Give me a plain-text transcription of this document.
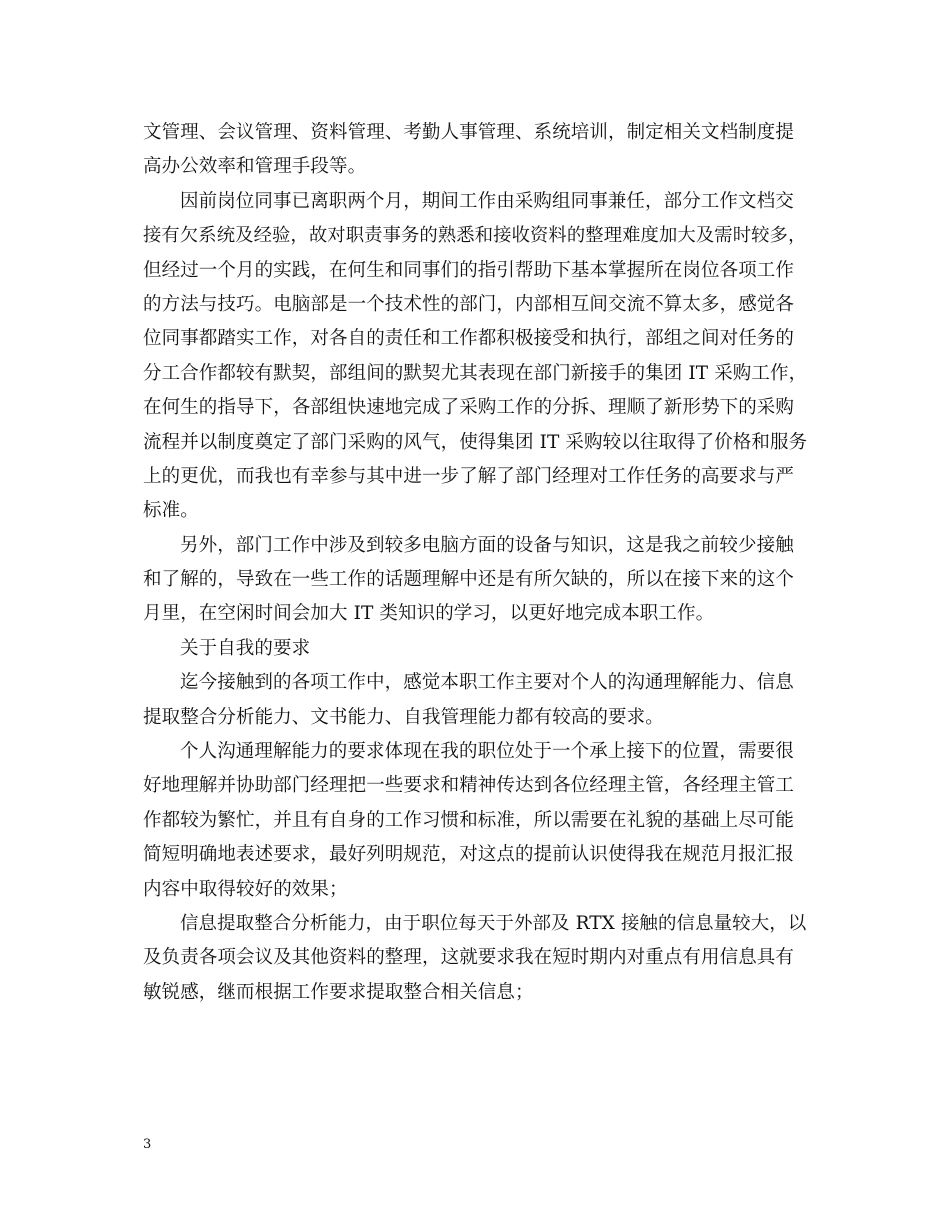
文管理、会议管理、资料管理、考勤人事管理、系统培训，制定相关文档制度提
高办公效率和管理手段等。
因前岗位同事已离职两个月，期间工作由采购组同事兼任，部分工作文档交
接有欠系统及经验，故对职责事务的熟悉和接收资料的整理难度加大及需时较多，
但经过一个月的实践，在何生和同事们的指引帮助下基本掌握所在岗位各项工作
的方法与技巧。电脑部是一个技术性的部门，内部相互间交流不算太多，感觉各
位同事都踏实工作，对各自的责任和工作都积极接受和执行，部组之间对任务的
分工合作都较有默契，部组间的默契尤其表现在部门新接手的集团 IT 采购工作，
在何生的指导下，各部组快速地完成了采购工作的分拆、理顺了新形势下的采购
流程并以制度奠定了部门采购的风气，使得集团 IT 采购较以往取得了价格和服务
上的更优，而我也有幸参与其中进一步了解了部门经理对工作任务的高要求与严
标准。
另外，部门工作中涉及到较多电脑方面的设备与知识，这是我之前较少接触
和了解的，导致在一些工作的话题理解中还是有所欠缺的，所以在接下来的这个
月里，在空闲时间会加大 IT 类知识的学习，以更好地完成本职工作。
关于自我的要求
迄今接触到的各项工作中，感觉本职工作主要对个人的沟通理解能力、信息
提取整合分析能力、文书能力、自我管理能力都有较高的要求。
个人沟通理解能力的要求体现在我的职位处于一个承上接下的位置，需要很
好地理解并协助部门经理把一些要求和精神传达到各位经理主管，各经理主管工
作都较为繁忙，并且有自身的工作习惯和标准，所以需要在礼貌的基础上尽可能
简短明确地表述要求，最好列明规范，对这点的提前认识使得我在规范月报汇报
内容中取得较好的效果；
信息提取整合分析能力，由于职位每天于外部及 RTX 接触的信息量较大，以
及负责各项会议及其他资料的整理，这就要求我在短时期内对重点有用信息具有
敏锐感，继而根据工作要求提取整合相关信息；
3
